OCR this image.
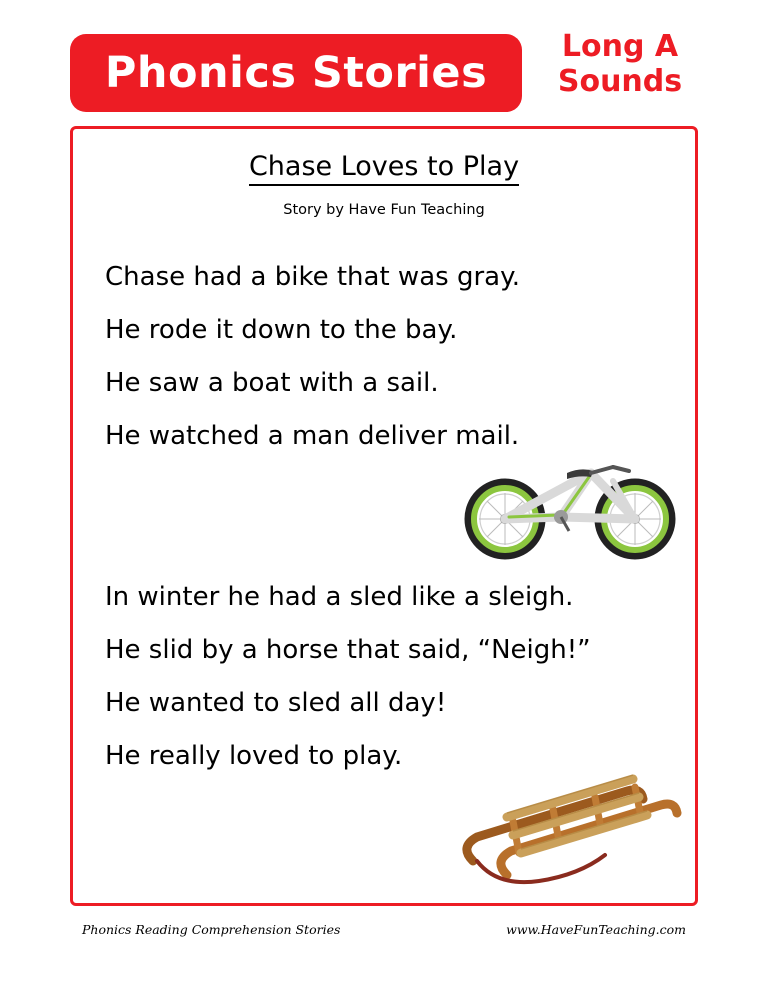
Phonics Stories
Long A
Sounds
Chase Loves to Play
Story by Have Fun Teaching
Chase had a bike that was gray.
He rode it down to the bay.
He saw a boat with a sail.
He watched a man deliver mail.
In winter he had a sled like a sleigh.
He slid by a horse that said, “Neigh!”
He wanted to sled all day!
He really loved to play.
Phonics Reading Comprehension Stories	www.HaveFunTeaching.com
